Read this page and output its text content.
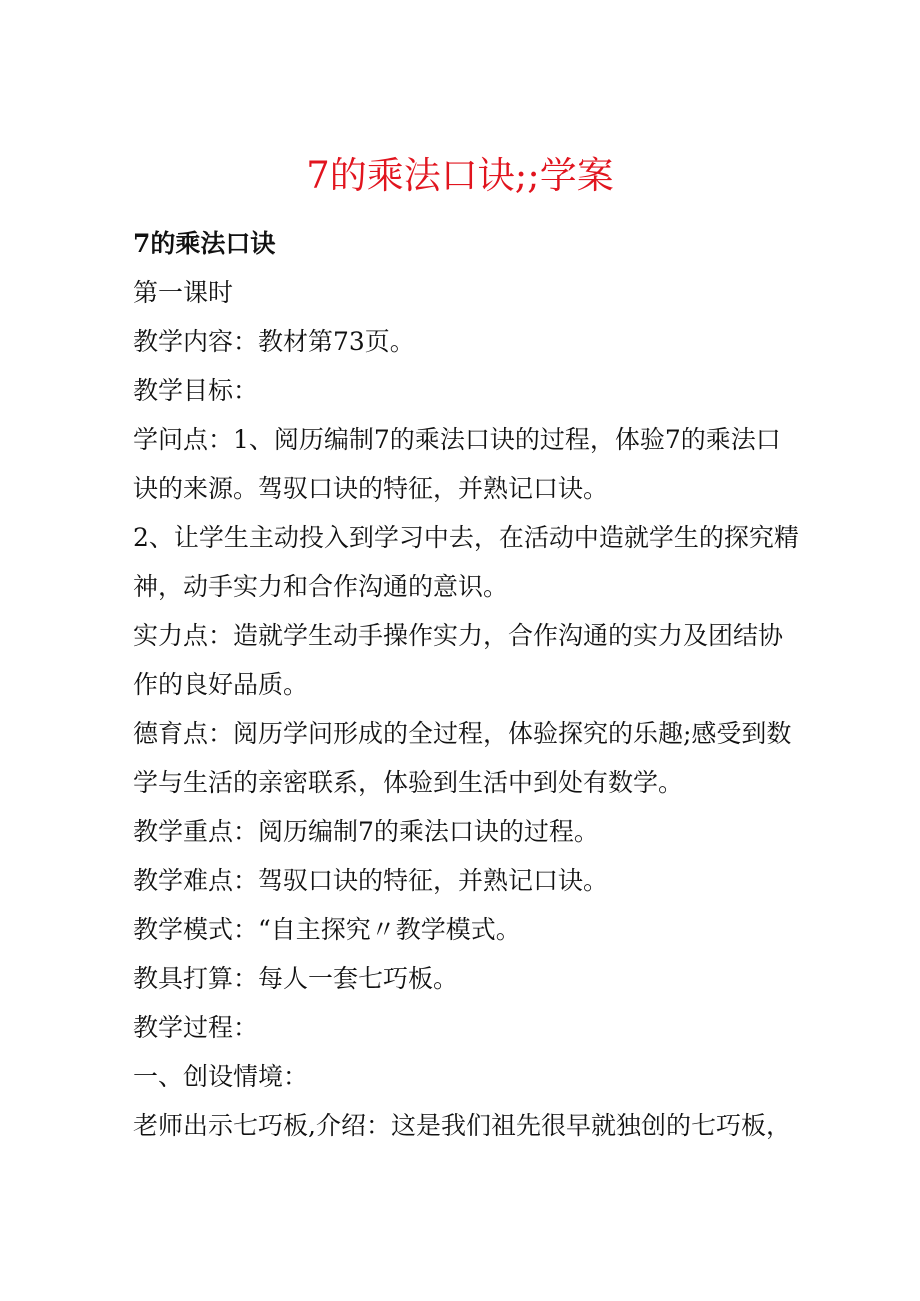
7的乘法口诀;;学案
7的乘法口诀
第一课时
教学内容：教材第73页。
教学目标：
学问点：1、阅历编制7的乘法口诀的过程，体验7的乘法口
诀的来源。驾驭口诀的特征，并熟记口诀。
2、让学生主动投入到学习中去，在活动中造就学生的探究精
神，动手实力和合作沟通的意识。
实力点：造就学生动手操作实力，合作沟通的实力及团结协
作的良好品质。
德育点：阅历学问形成的全过程，体验探究的乐趣;感受到数
学与生活的亲密联系，体验到生活中到处有数学。
教学重点：阅历编制7的乘法口诀的过程。
教学难点：驾驭口诀的特征，并熟记口诀。
教学模式：“自主探究〃教学模式。
教具打算：每人一套七巧板。
教学过程：
一、创设情境：
老师出示七巧板,介绍：这是我们祖先很早就独创的七巧板，
